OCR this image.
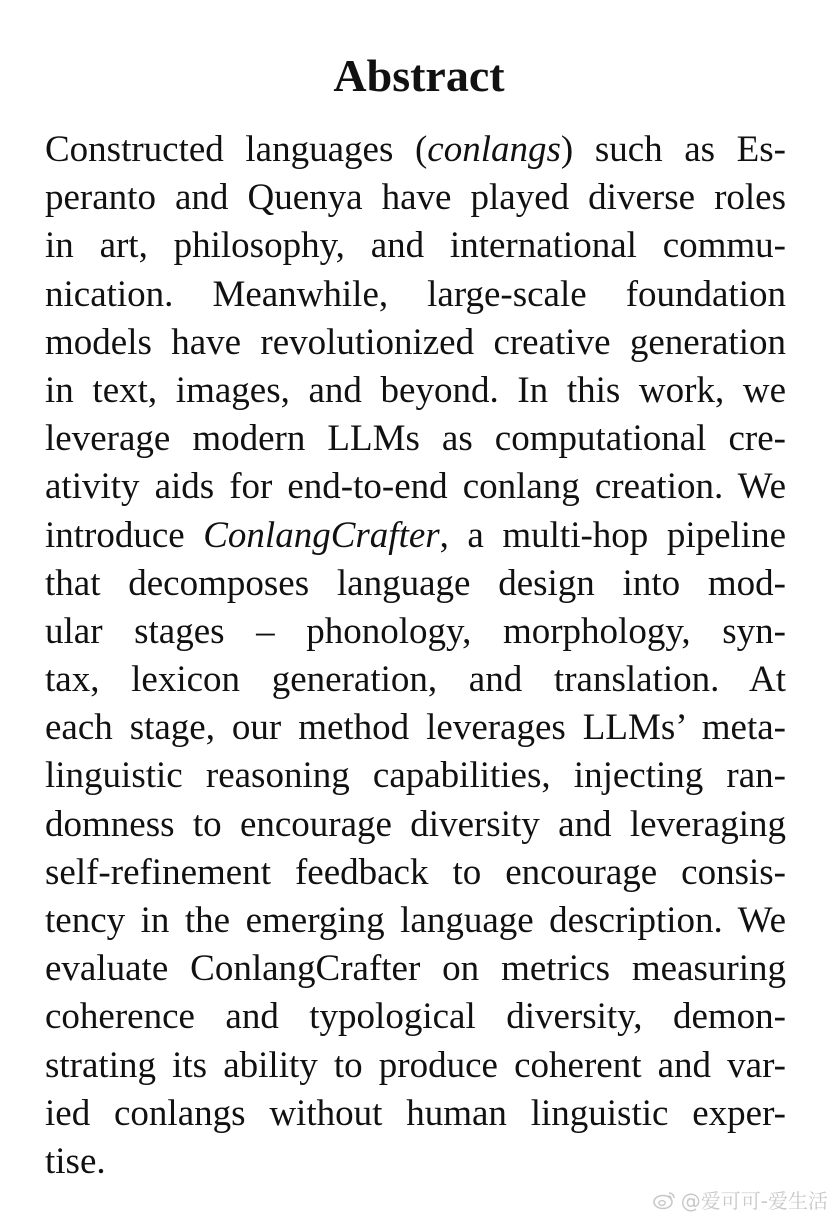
Abstract
Constructed languages (conlangs) such as Es-
peranto and Quenya have played diverse roles
in art, philosophy, and international commu-
nication. Meanwhile, large-scale foundation
models have revolutionized creative generation
in text, images, and beyond. In this work, we
leverage modern LLMs as computational cre-
ativity aids for end-to-end conlang creation. We
introduce ConlangCrafter, a multi-hop pipeline
that decomposes language design into mod-
ular stages – phonology, morphology, syn-
tax, lexicon generation, and translation. At
each stage, our method leverages LLMs’ meta-
linguistic reasoning capabilities, injecting ran-
domness to encourage diversity and leveraging
self-refinement feedback to encourage consis-
tency in the emerging language description. We
evaluate ConlangCrafter on metrics measuring
coherence and typological diversity, demon-
strating its ability to produce coherent and var-
ied conlangs without human linguistic exper-
tise.
@爱可可-爱生活
